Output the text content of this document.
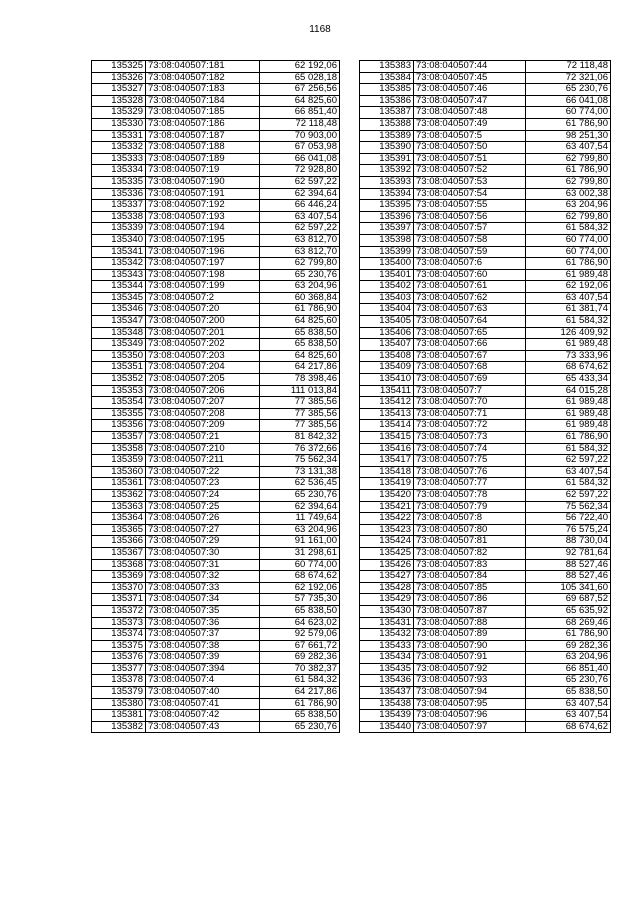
1168
135325	73:08:040507:181	62 192,06
135326	73:08:040507:182	65 028,18
135327	73:08:040507:183	67 256,56
135328	73:08:040507:184	64 825,60
135329	73:08:040507:185	66 851,40
135330	73:08:040507:186	72 118,48
135331	73:08:040507:187	70 903,00
135332	73:08:040507:188	67 053,98
135333	73:08:040507:189	66 041,08
135334	73:08:040507:19	72 928,80
135335	73:08:040507:190	62 597,22
135336	73:08:040507:191	62 394,64
135337	73:08:040507:192	66 446,24
135338	73:08:040507:193	63 407,54
135339	73:08:040507:194	62 597,22
135340	73:08:040507:195	63 812,70
135341	73:08:040507:196	63 812,70
135342	73:08:040507:197	62 799,80
135343	73:08:040507:198	65 230,76
135344	73:08:040507:199	63 204,96
135345	73:08:040507:2	60 368,84
135346	73:08:040507:20	61 786,90
135347	73:08:040507:200	64 825,60
135348	73:08:040507:201	65 838,50
135349	73:08:040507:202	65 838,50
135350	73:08:040507:203	64 825,60
135351	73:08:040507:204	64 217,86
135352	73:08:040507:205	78 398,46
135353	73:08:040507:206	111 013,84
135354	73:08:040507:207	77 385,56
135355	73:08:040507:208	77 385,56
135356	73:08:040507:209	77 385,56
135357	73:08:040507:21	81 842,32
135358	73:08:040507:210	76 372,66
135359	73:08:040507:211	75 562,34
135360	73:08:040507:22	73 131,38
135361	73:08:040507:23	62 536,45
135362	73:08:040507:24	65 230,76
135363	73:08:040507:25	62 394,64
135364	73:08:040507:26	11 749,64
135365	73:08:040507:27	63 204,96
135366	73:08:040507:29	91 161,00
135367	73:08:040507:30	31 298,61
135368	73:08:040507:31	60 774,00
135369	73:08:040507:32	68 674,62
135370	73:08:040507:33	62 192,06
135371	73:08:040507:34	57 735,30
135372	73:08:040507:35	65 838,50
135373	73:08:040507:36	64 623,02
135374	73:08:040507:37	92 579,06
135375	73:08:040507:38	67 661,72
135376	73:08:040507:39	69 282,36
135377	73:08:040507:394	70 382,37
135378	73:08:040507:4	61 584,32
135379	73:08:040507:40	64 217,86
135380	73:08:040507:41	61 786,90
135381	73:08:040507:42	65 838,50
135382	73:08:040507:43	65 230,76
135383	73:08:040507:44	72 118,48
135384	73:08:040507:45	72 321,06
135385	73:08:040507:46	65 230,76
135386	73:08:040507:47	66 041,08
135387	73:08:040507:48	60 774,00
135388	73:08:040507:49	61 786,90
135389	73:08:040507:5	98 251,30
135390	73:08:040507:50	63 407,54
135391	73:08:040507:51	62 799,80
135392	73:08:040507:52	61 786,90
135393	73:08:040507:53	62 799,80
135394	73:08:040507:54	63 002,38
135395	73:08:040507:55	63 204,96
135396	73:08:040507:56	62 799,80
135397	73:08:040507:57	61 584,32
135398	73:08:040507:58	60 774,00
135399	73:08:040507:59	60 774,00
135400	73:08:040507:6	61 786,90
135401	73:08:040507:60	61 989,48
135402	73:08:040507:61	62 192,06
135403	73:08:040507:62	63 407,54
135404	73:08:040507:63	61 381,74
135405	73:08:040507:64	61 584,32
135406	73:08:040507:65	126 409,92
135407	73:08:040507:66	61 989,48
135408	73:08:040507:67	73 333,96
135409	73:08:040507:68	68 674,62
135410	73:08:040507:69	65 433,34
135411	73:08:040507:7	64 015,28
135412	73:08:040507:70	61 989,48
135413	73:08:040507:71	61 989,48
135414	73:08:040507:72	61 989,48
135415	73:08:040507:73	61 786,90
135416	73:08:040507:74	61 584,32
135417	73:08:040507:75	62 597,22
135418	73:08:040507:76	63 407,54
135419	73:08:040507:77	61 584,32
135420	73:08:040507:78	62 597,22
135421	73:08:040507:79	75 562,34
135422	73:08:040507:8	56 722,40
135423	73:08:040507:80	76 575,24
135424	73:08:040507:81	88 730,04
135425	73:08:040507:82	92 781,64
135426	73:08:040507:83	88 527,46
135427	73:08:040507:84	88 527,46
135428	73:08:040507:85	105 341,60
135429	73:08:040507:86	69 687,52
135430	73:08:040507:87	65 635,92
135431	73:08:040507:88	68 269,46
135432	73:08:040507:89	61 786,90
135433	73:08:040507:90	69 282,36
135434	73:08:040507:91	63 204,96
135435	73:08:040507:92	66 851,40
135436	73:08:040507:93	65 230,76
135437	73:08:040507:94	65 838,50
135438	73:08:040507:95	63 407,54
135439	73:08:040507:96	63 407,54
135440	73:08:040507:97	68 674,62
